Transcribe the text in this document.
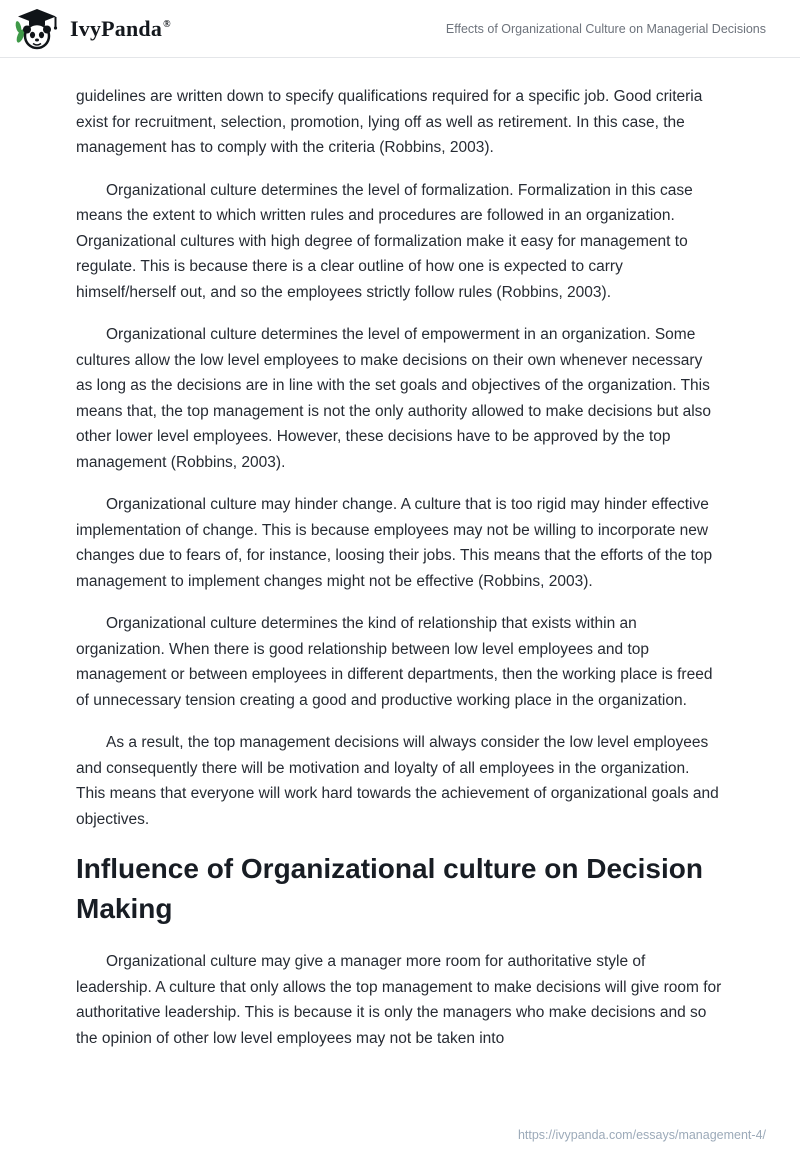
IvyPanda®	Effects of Organizational Culture on Managerial Decisions

guidelines are written down to specify qualifications required for a specific job. Good criteria exist for recruitment, selection, promotion, lying off as well as retirement. In this case, the management has to comply with the criteria (Robbins, 2003).

Organizational culture determines the level of formalization. Formalization in this case means the extent to which written rules and procedures are followed in an organization. Organizational cultures with high degree of formalization make it easy for management to regulate. This is because there is a clear outline of how one is expected to carry himself/herself out, and so the employees strictly follow rules (Robbins, 2003).

Organizational culture determines the level of empowerment in an organization. Some cultures allow the low level employees to make decisions on their own whenever necessary as long as the decisions are in line with the set goals and objectives of the organization. This means that, the top management is not the only authority allowed to make decisions but also other lower level employees. However, these decisions have to be approved by the top management (Robbins, 2003).

Organizational culture may hinder change. A culture that is too rigid may hinder effective implementation of change. This is because employees may not be willing to incorporate new changes due to fears of, for instance, loosing their jobs. This means that the efforts of the top management to implement changes might not be effective (Robbins, 2003).

Organizational culture determines the kind of relationship that exists within an organization. When there is good relationship between low level employees and top management or between employees in different departments, then the working place is freed of unnecessary tension creating a good and productive working place in the organization.

As a result, the top management decisions will always consider the low level employees and consequently there will be motivation and loyalty of all employees in the organization. This means that everyone will work hard towards the achievement of organizational goals and objectives.

Influence of Organizational culture on Decision Making

Organizational culture may give a manager more room for authoritative style of leadership. A culture that only allows the top management to make decisions will give room for authoritative leadership. This is because it is only the managers who make decisions and so the opinion of other low level employees may not be taken into

https://ivypanda.com/essays/management-4/
